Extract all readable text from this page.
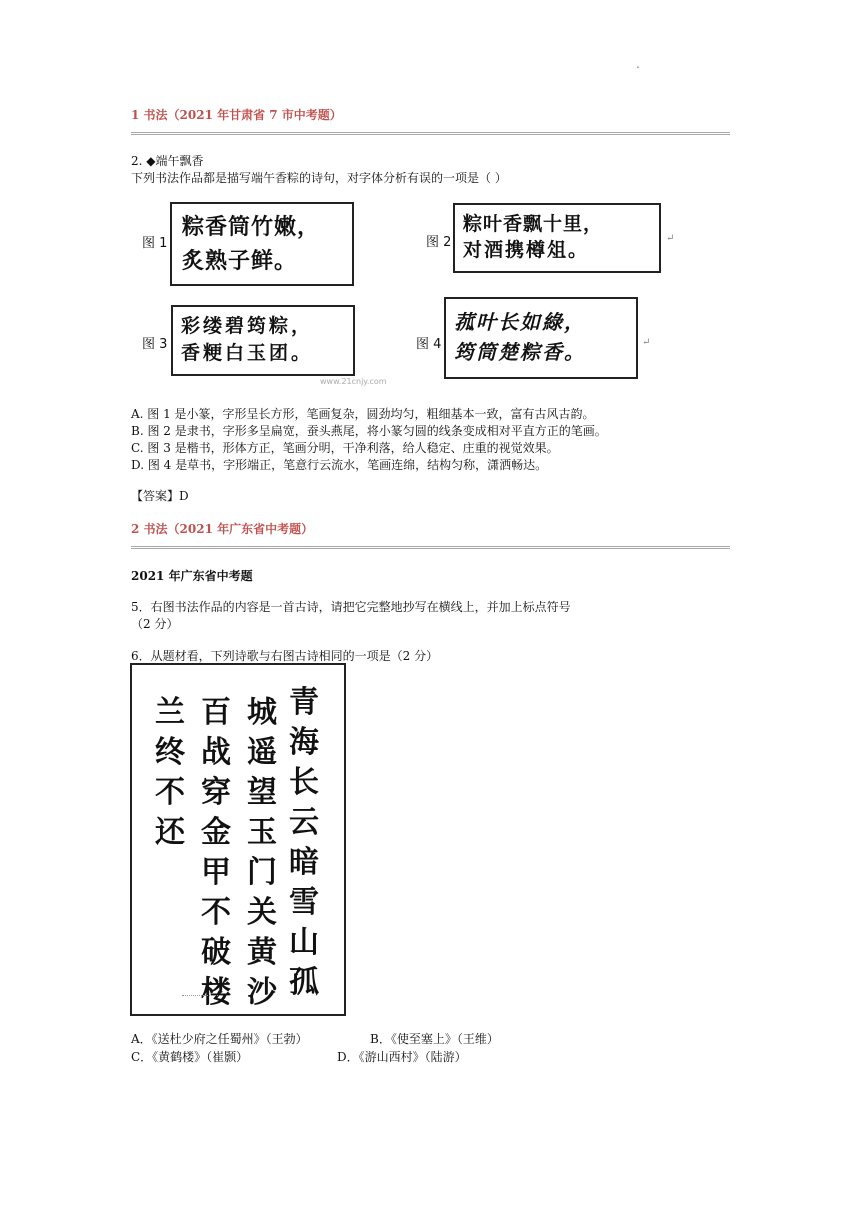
.
1 书法（2021 年甘肃省 7 市中考题）
2. ◆端午飘香
下列书法作品都是描写端午香粽的诗句，对字体分析有误的一项是（ ）
图 1
粽香筒竹嫩，
炙熟子鲜。
图 2
粽叶香飘十里，
对酒携樽俎。
↵
图 3
彩缕碧筠粽，
香粳白玉团。
www.21cnjy.com
图 4
菰叶长如綠，
筠筒楚粽香。	↵
A. 图 1 是小篆，字形呈长方形，笔画复杂，圆劲均匀，粗细基本一致，富有古风古韵。
B. 图 2 是隶书，字形多呈扁宽，蚕头燕尾，将小篆匀圆的线条变成相对平直方正的笔画。
C. 图 3 是楷书，形体方正，笔画分明，干净利落，给人稳定、庄重的视觉效果。
D. 图 4 是草书，字形端正，笔意行云流水，笔画连绵，结构匀称，潇洒畅达。
【答案】D
2 书法（2021 年广东省中考题）
2021 年广东省中考题
5．右图书法作品的内容是一首古诗，请把它完整地抄写在横线上，并加上标点符号
（2 分）
6．从题材看，下列诗歌与右图古诗相同的一项是（2 分）
青海长云暗雪山孤
城遥望玉门关黄沙
百战穿金甲不破楼
兰终不还
A．《送杜少府之任蜀州》（王勃）	B．《使至塞上》（王维）
C．《黄鹤楼》（崔颢）	D．《游山西村》（陆游）
